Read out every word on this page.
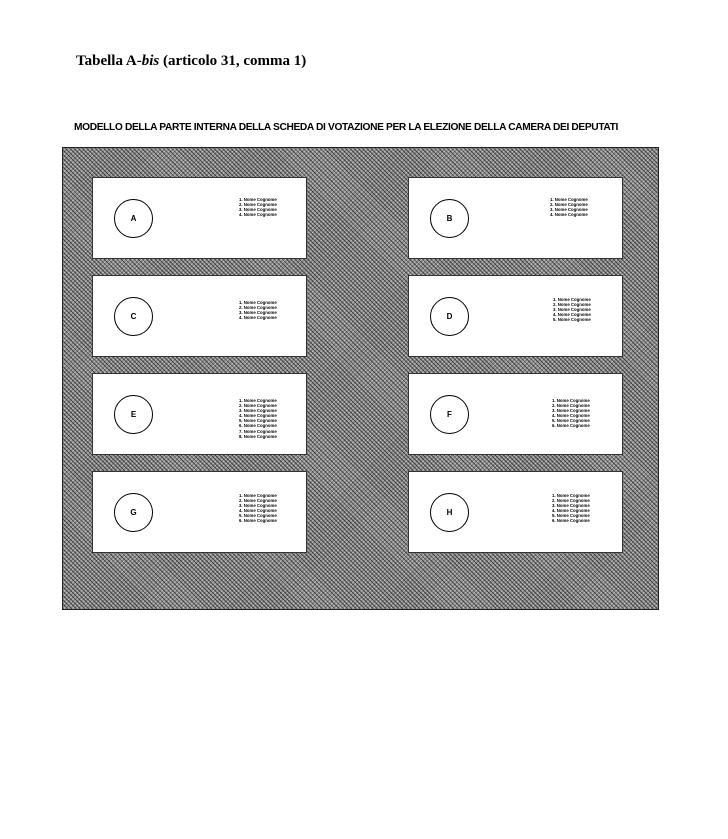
Tabella A-bis (articolo 31, comma 1)
MODELLO DELLA PARTE INTERNA DELLA SCHEDA DI VOTAZIONE PER LA ELEZIONE DELLA CAMERA DEI DEPUTATI
A
1. Nome Cognome
2. Nome Cognome
3. Nome Cognome
4. Nome Cognome	B
1. Nome Cognome
2. Nome Cognome
3. Nome Cognome
4. Nome Cognome
C
1. Nome Cognome
2. Nome Cognome
3. Nome Cognome
4. Nome Cognome	D
1. Nome Cognome
2. Nome Cognome
3. Nome Cognome
4. Nome Cognome
5. Nome Cognome
E
1. Nome Cognome
2. Nome Cognome
3. Nome Cognome
4. Nome Cognome
5. Nome Cognome
6. Nome Cognome
7. Nome Cognome
8. Nome Cognome
F
1. Nome Cognome
2. Nome Cognome
3. Nome Cognome
4. Nome Cognome
5. Nome Cognome
6. Nome Cognome
G
1. Nome Cognome
2. Nome Cognome
3. Nome Cognome
4. Nome Cognome
5. Nome Cognome
6. Nome Cognome
H
1. Nome Cognome
2. Nome Cognome
3. Nome Cognome
4. Nome Cognome
5. Nome Cognome
6. Nome Cognome
